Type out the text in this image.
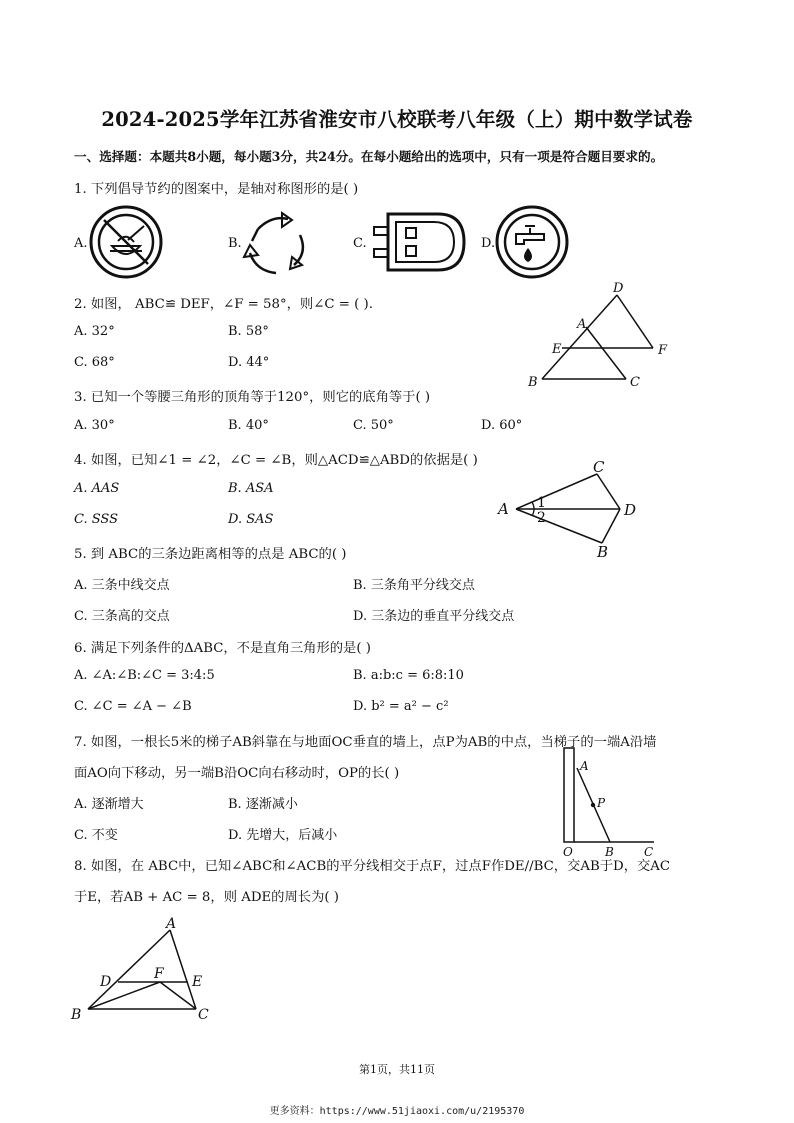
2024-2025学年江苏省淮安市八校联考八年级（上）期中数学试卷
一、选择题：本题共8小题，每小题3分，共24分。在每小题给出的选项中，只有一项是符合题目要求的。
1. 下列倡导节约的图案中，是轴对称图形的是( )
A.	B.	C.	D.
2. 如图， ABC≌ DEF，∠F = 58°，则∠C = ( ).
A. 32°	B. 58°
C. 68°	D. 44°
D
A
E	F
B	C
3. 已知一个等腰三角形的顶角等于120°，则它的底角等于( )
A. 30°	B. 40°	C. 50°	D. 60°
4. 如图，已知∠1 = ∠2，∠C = ∠B，则△ACD≌△ABD的依据是( )
A. AAS	B. ASA
C. SSS	D. SAS
C
A 1
2	D
B
5. 到 ABC的三条边距离相等的点是 ABC的( )
A. 三条中线交点	B. 三条角平分线交点
C. 三条高的交点	D. 三条边的垂直平分线交点
6. 满足下列条件的ΔABC，不是直角三角形的是( )
A. ∠A:∠B:∠C = 3:4:5	B. a:b:c = 6:8:10
C. ∠C = ∠A − ∠B	D. b² = a² − c²
7. 如图，一根长5米的梯子AB斜靠在与地面OC垂直的墙上，点P为AB的中点，当梯子的一端A沿墙
面AO向下移动，另一端B沿OC向右移动时，OP的长( )
A. 逐渐增大	B. 逐渐减小
C. 不变	D. 先增大，后减小
A
P
O	B	C
8. 如图，在 ABC中，已知∠ABC和∠ACB的平分线相交于点F，过点F作DE//BC，交AB于D，交AC
于E，若AB + AC = 8，则 ADE的周长为( )
A
D	F E
B	C
第1页，共11页
更多资料：https://www.51jiaoxi.com/u/2195370
